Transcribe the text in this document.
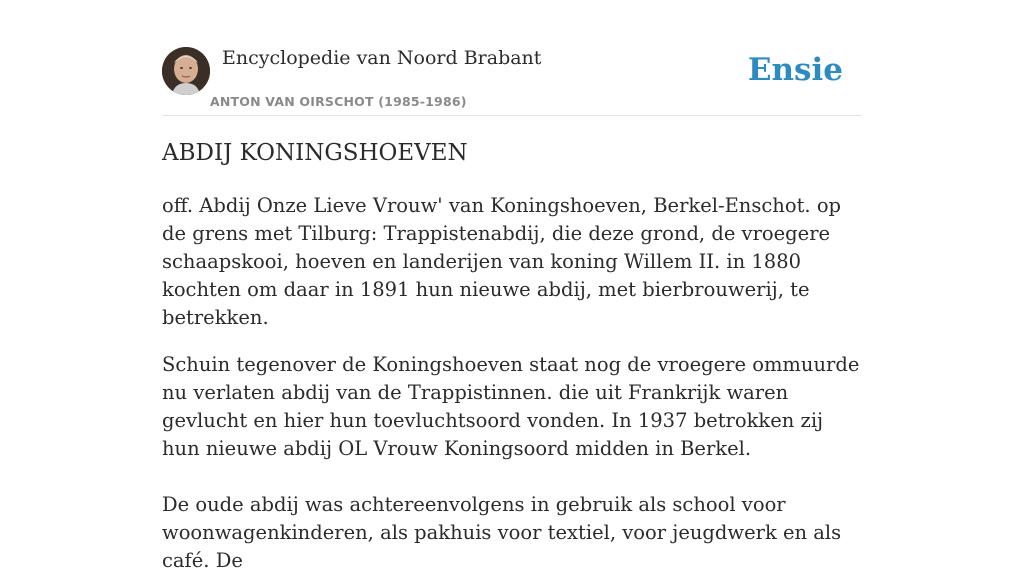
Encyclopedie van Noord Brabant
ANTON VAN OIRSCHOT (1985-1986)
Ensie
ABDIJ KONINGSHOEVEN

off. Abdij Onze Lieve Vrouw' van Koningshoeven, Berkel-Enschot. op de grens met Tilburg: Trappistenabdij, die deze grond, de vroegere schaapskooi, hoeven en landerijen van koning Willem II. in 1880 kochten om daar in 1891 hun nieuwe abdij, met bierbrouwerij, te betrekken.

Schuin tegenover de Koningshoeven staat nog de vroegere ommuurde nu verlaten abdij van de Trappistinnen. die uit Frankrijk waren gevlucht en hier hun toevluchtsoord vonden. In 1937 betrokken zij hun nieuwe abdij OL Vrouw Koningsoord midden in Berkel.

De oude abdij was achtereenvolgens in gebruik als school voor woonwagenkinderen, als pakhuis voor textiel, voor jeugdwerk en als café. De
